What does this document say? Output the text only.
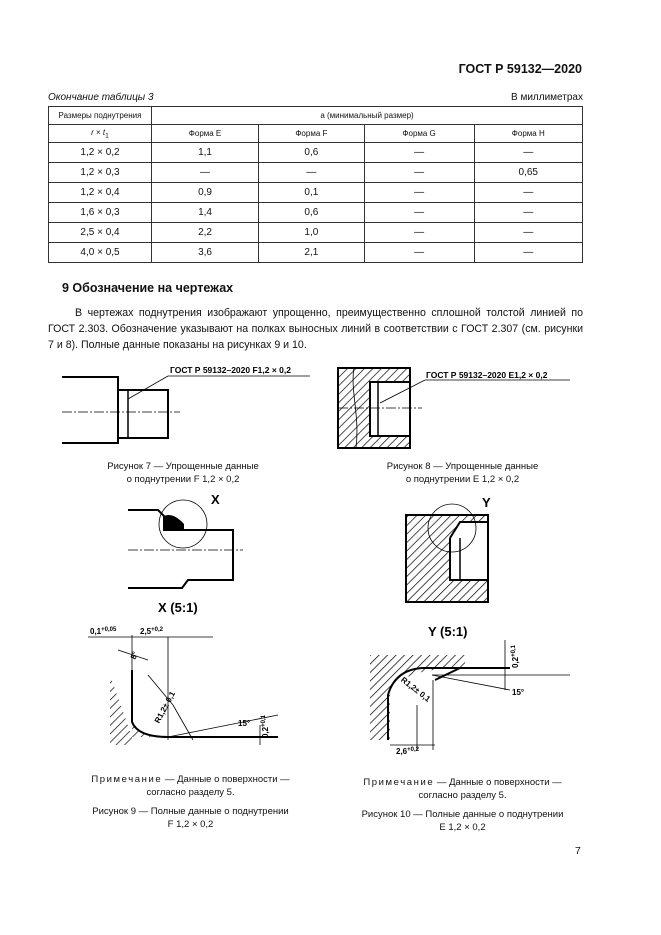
ГОСТ Р 59132—2020
Окончание таблицы 3	В миллиметрах
Размеры поднутрения	a (минимальный размер)			
$r \times t_1$	Форма E	Форма F	Форма G	Форма H
1,2 × 0,2	1,1	0,6	—	—
1,2 × 0,3	—	—	—	0,65
1,2 × 0,4	0,9	0,1	—	—
1,6 × 0,3	1,4	0,6	—	—
2,5 × 0,4	2,2	1,0	—	—
4,0 × 0,5	3,6	2,1	—	—
9 Обозначение на чертежах
В чертежах поднутрения изображают упрощенно, преимущественно сплошной толстой линией по ГОСТ 2.303. Обозначение указывают на полках выносных линий в соответствии с ГОСТ 2.307 (см. рисунки 7 и 8). Полные данные показаны на рисунках 9 и 10.
ГОСТ Р 59132–2020 F1,2 × 0,2
Рисунок 7 — Упрощенные данные
о поднутрении F 1,2 × 0,2
ГОСТ Р 59132–2020 E1,2 × 0,2
Рисунок 8 — Упрощенные данные
о поднутрении E 1,2 × 0,2
X
X (5:1)
$0,1^{+0,05}$	$2,5^{+0,2}$
8°
R1,2± 0,1
15°
$0,2^{+0,1}$
Примечание — Данные о поверхности —
согласно разделу 5.
Рисунок 9 — Полные данные о поднутрении
F 1,2 × 0,2
Y
Y (5:1)
$0,2^{+0,1}$
15°
R1,2± 0,1
$2,6^{+0,2}$
Примечание — Данные о поверхности —
согласно разделу 5.
Рисунок 10 — Полные данные о поднутрении
E 1,2 × 0,2
7
